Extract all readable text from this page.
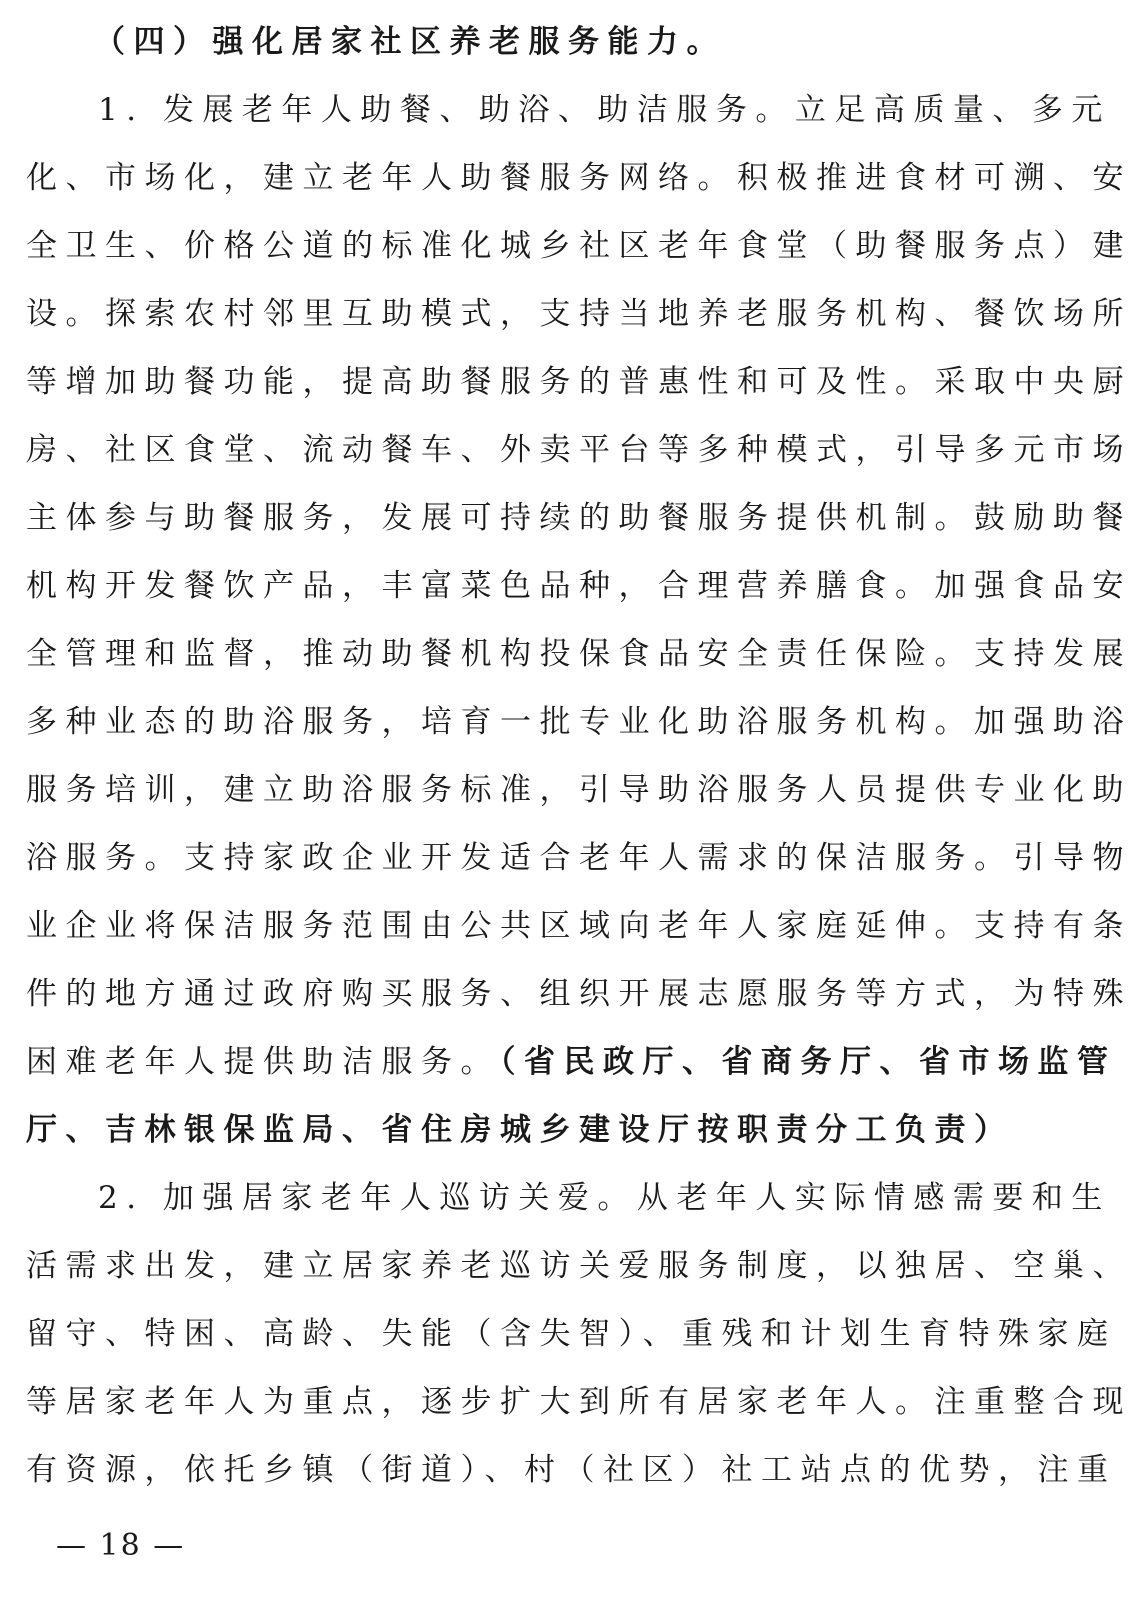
（四）强化居家社区养老服务能力。
1. 发展老年人助餐、助浴、助洁服务。立足高质量、多元
化、市场化，建立老年人助餐服务网络。积极推进食材可溯、安
全卫生、价格公道的标准化城乡社区老年食堂（助餐服务点）建
设。探索农村邻里互助模式，支持当地养老服务机构、餐饮场所
等增加助餐功能，提高助餐服务的普惠性和可及性。采取中央厨
房、社区食堂、流动餐车、外卖平台等多种模式，引导多元市场
主体参与助餐服务，发展可持续的助餐服务提供机制。鼓励助餐
机构开发餐饮产品，丰富菜色品种，合理营养膳食。加强食品安
全管理和监督，推动助餐机构投保食品安全责任保险。支持发展
多种业态的助浴服务，培育一批专业化助浴服务机构。加强助浴
服务培训，建立助浴服务标准，引导助浴服务人员提供专业化助
浴服务。支持家政企业开发适合老年人需求的保洁服务。引导物
业企业将保洁服务范围由公共区域向老年人家庭延伸。支持有条
件的地方通过政府购买服务、组织开展志愿服务等方式，为特殊
困难老年人提供助洁服务。（省民政厅、省商务厅、省市场监管
厅、吉林银保监局、省住房城乡建设厅按职责分工负责）
2. 加强居家老年人巡访关爱。从老年人实际情感需要和生
活需求出发，建立居家养老巡访关爱服务制度，以独居、空巢、
留守、特困、高龄、失能（含失智）、重残和计划生育特殊家庭
等居家老年人为重点，逐步扩大到所有居家老年人。注重整合现
有资源，依托乡镇（街道）、村（社区）社工站点的优势，注重
— 18 —
